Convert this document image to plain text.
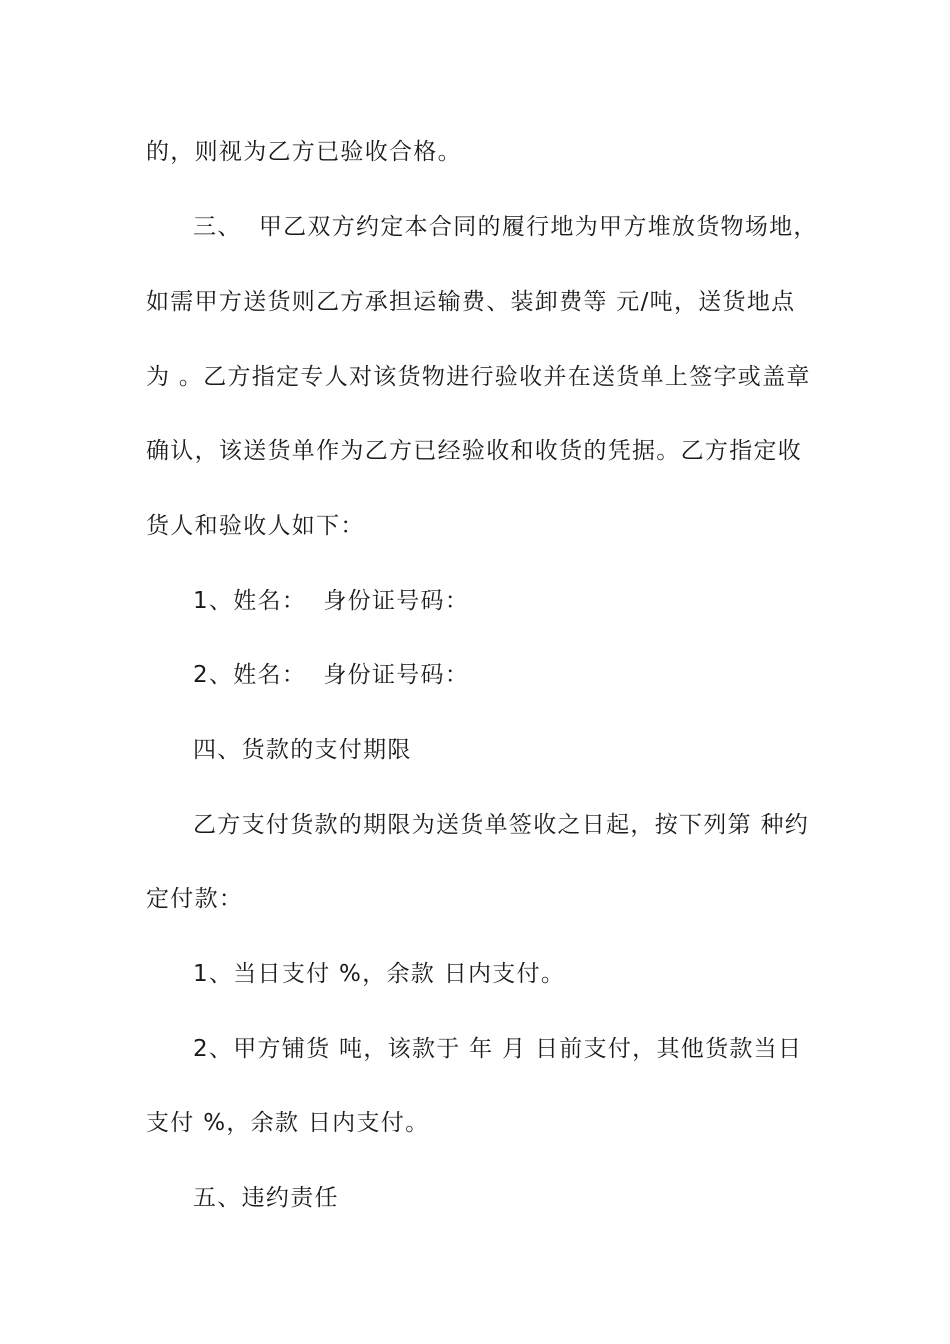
的，则视为乙方已验收合格。
三、  甲乙双方约定本合同的履行地为甲方堆放货物场地，
如需甲方送货则乙方承担运输费、装卸费等 元/吨，送货地点
为 。乙方指定专人对该货物进行验收并在送货单上签字或盖章
确认，该送货单作为乙方已经验收和收货的凭据。乙方指定收
货人和验收人如下：
1、姓名：  身份证号码：
2、姓名：  身份证号码：
四、货款的支付期限
乙方支付货款的期限为送货单签收之日起，按下列第 种约
定付款：
1、当日支付 %，余款 日内支付。
2、甲方铺货 吨，该款于 年 月 日前支付，其他货款当日
支付 %，余款 日内支付。
五、违约责任
